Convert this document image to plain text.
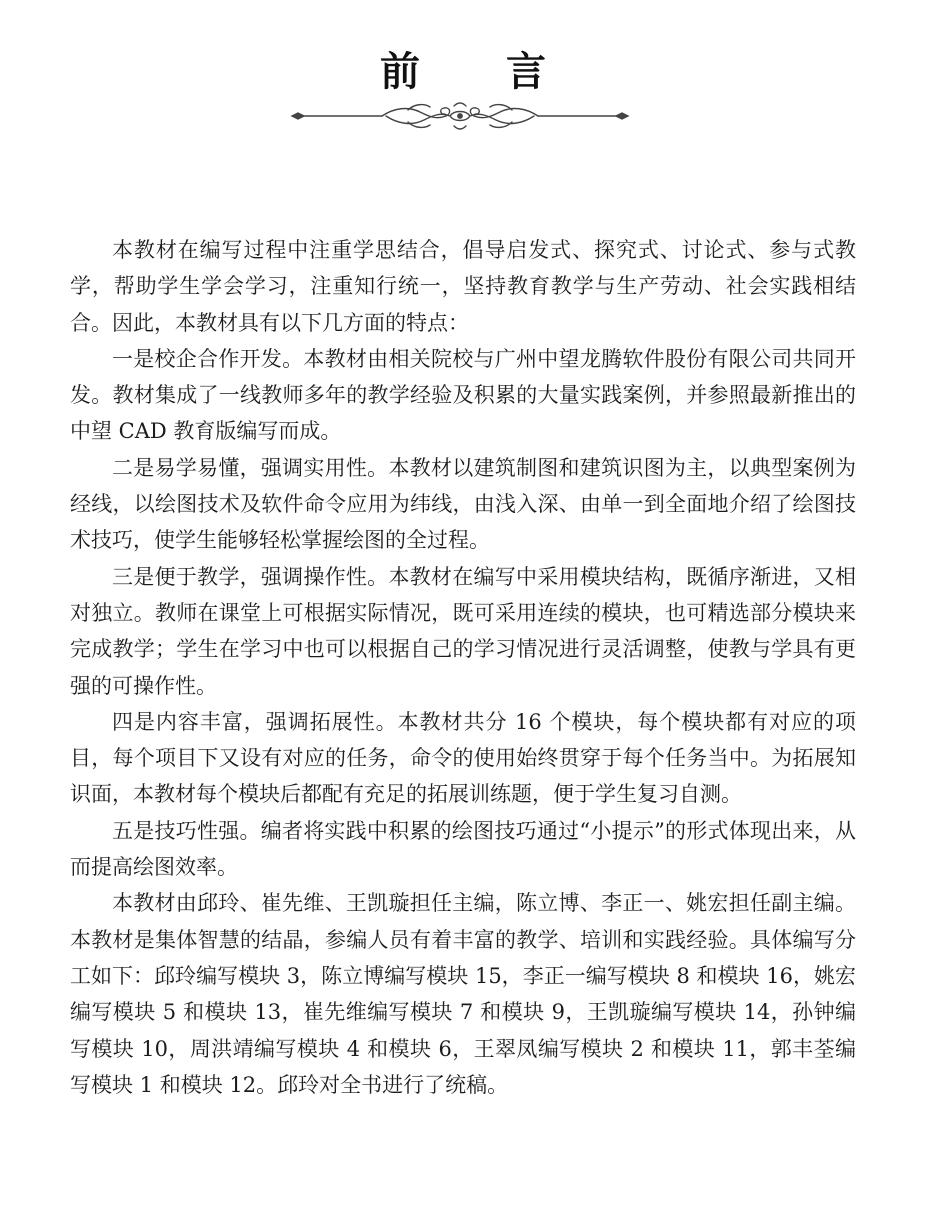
前 言

本教材在编写过程中注重学思结合，倡导启发式、探究式、讨论式、参与式教学，帮助学生学会学习，注重知行统一，坚持教育教学与生产劳动、社会实践相结合。因此，本教材具有以下几方面的特点：

一是校企合作开发。本教材由相关院校与广州中望龙腾软件股份有限公司共同开发。教材集成了一线教师多年的教学经验及积累的大量实践案例，并参照最新推出的中望 CAD 教育版编写而成。

二是易学易懂，强调实用性。本教材以建筑制图和建筑识图为主，以典型案例为经线，以绘图技术及软件命令应用为纬线，由浅入深、由单一到全面地介绍了绘图技术技巧，使学生能够轻松掌握绘图的全过程。

三是便于教学，强调操作性。本教材在编写中采用模块结构，既循序渐进，又相对独立。教师在课堂上可根据实际情况，既可采用连续的模块，也可精选部分模块来完成教学；学生在学习中也可以根据自己的学习情况进行灵活调整，使教与学具有更强的可操作性。

四是内容丰富，强调拓展性。本教材共分 16 个模块，每个模块都有对应的项目，每个项目下又设有对应的任务，命令的使用始终贯穿于每个任务当中。为拓展知识面，本教材每个模块后都配有充足的拓展训练题，便于学生复习自测。

五是技巧性强。编者将实践中积累的绘图技巧通过“小提示”的形式体现出来，从而提高绘图效率。

本教材由邱玲、崔先维、王凯璇担任主编，陈立博、李正一、姚宏担任副主编。本教材是集体智慧的结晶，参编人员有着丰富的教学、培训和实践经验。具体编写分工如下：邱玲编写模块 3，陈立博编写模块 15，李正一编写模块 8 和模块 16，姚宏编写模块 5 和模块 13，崔先维编写模块 7 和模块 9，王凯璇编写模块 14，孙钟编写模块 10，周洪靖编写模块 4 和模块 6，王翠凤编写模块 2 和模块 11，郭丰荃编写模块 1 和模块 12。邱玲对全书进行了统稿。
